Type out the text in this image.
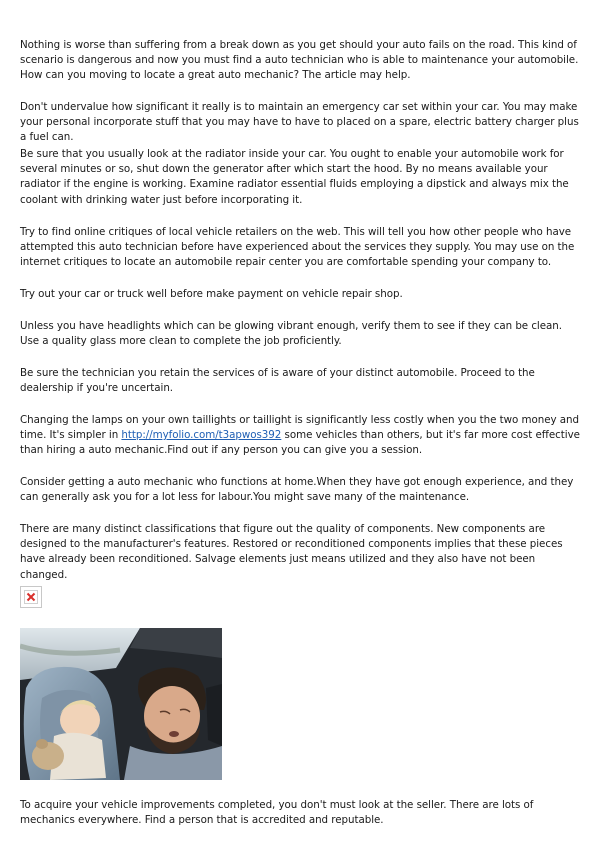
Nothing is worse than suffering from a break down as you get should your auto fails on the road. This kind of scenario is dangerous and now you must find a auto technician who is able to maintenance your automobile. How can you moving to locate a great auto mechanic? The article may help.

Don't undervalue how significant it really is to maintain an emergency car set within your car. You may make your personal incorporate stuff that you may have to have to placed on a spare, electric battery charger plus a fuel can.

Be sure that you usually look at the radiator inside your car. You ought to enable your automobile work for several minutes or so, shut down the generator after which start the hood. By no means available your radiator if the engine is working. Examine radiator essential fluids employing a dipstick and always mix the coolant with drinking water just before incorporating it.

Try to find online critiques of local vehicle retailers on the web. This will tell you how other people who have attempted this auto technician before have experienced about the services they supply. You may use on the internet critiques to locate an automobile repair center you are comfortable spending your company to.

Try out your car or truck well before make payment on vehicle repair shop.

Unless you have headlights which can be glowing vibrant enough, verify them to see if they can be clean. Use a quality glass more clean to complete the job proficiently.

Be sure the technician you retain the services of is aware of your distinct automobile. Proceed to the dealership if you're uncertain.

Changing the lamps on your own taillights or taillight is significantly less costly when you the two money and time. It's simpler in http://myfolio.com/t3apwos392 some vehicles than others, but it's far more cost effective than hiring a auto mechanic.Find out if any person you can give you a session.

Consider getting a auto mechanic who functions at home.When they have got enough experience, and they can generally ask you for a lot less for labour.You might save many of the maintenance.

There are many distinct classifications that figure out the quality of components. New components are designed to the manufacturer's features. Restored or reconditioned components implies that these pieces have already been reconditioned. Salvage elements just means utilized and they also have not been changed.

To acquire your vehicle improvements completed, you don't must look at the seller. There are lots of mechanics everywhere. Find a person that is accredited and reputable.
